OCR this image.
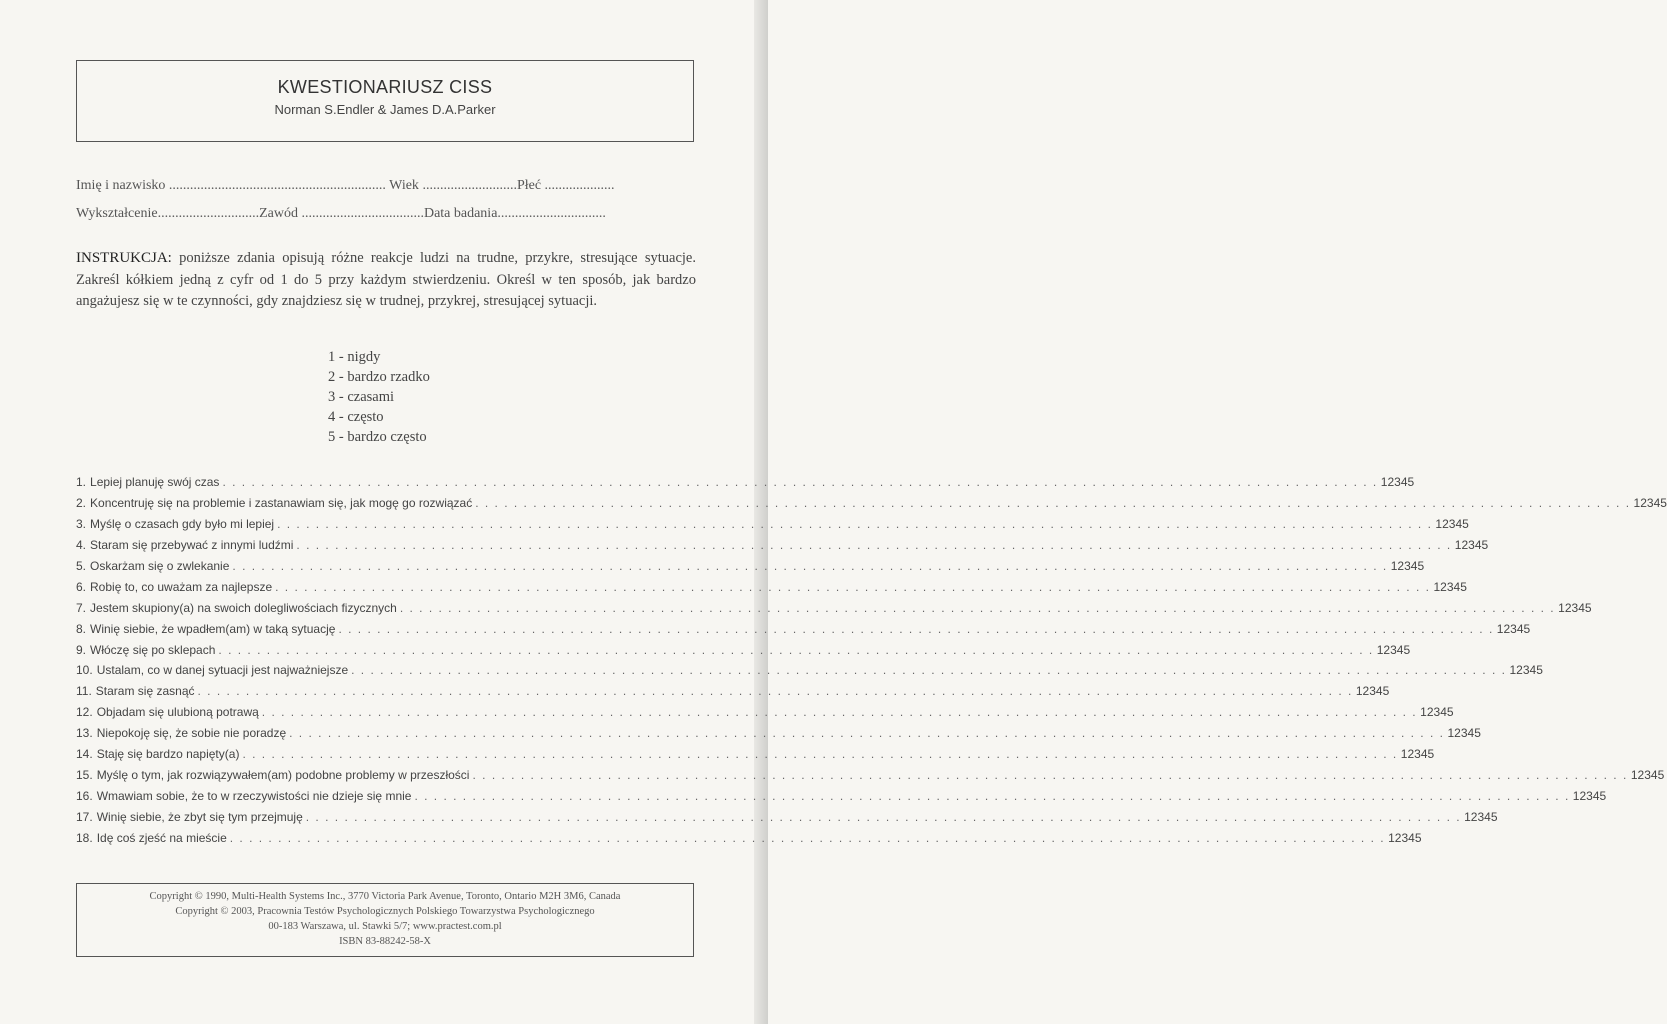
KWESTIONARIUSZ CISS
Norman S.Endler & James D.A.Parker
Imię i nazwisko .............................................................. Wiek ...........................Płeć ....................
Wykształcenie.............................Zawód ...................................Data badania...............................
INSTRUKCJA: poniższe zdania opisują różne reakcje ludzi na trudne, przykre, stresujące sytuacje. Zakreśl kółkiem jedną z cyfr od 1 do 5 przy każdym stwierdzeniu. Określ w ten sposób, jak bardzo angażujesz się w te czynności, gdy znajdziesz się w trudnej, przykrej, stresującej sytuacji.
1 - nigdy
2 - bardzo rzadko
3 - czasami
4 - często
5 - bardzo często
1. Lepiej planuję swój czas . . . . . . . . . . . . . . . . . . . . . . . . . . . . . . . . . . . . . . . . . . . . . . . . . . . . . . . . . . . . . . . . . . . . . . . . . . . . . . . . . . . . . . . . . . . . . . . . . . . . . . . . . . . . . . . . . . . . . . . . 1 2 3 4 5
2. Koncentruję się na problemie i zastanawiam się, jak mogę go rozwiązać . . . . . . . . . . . . . . . . . . . . . . . . . . . . . . . . . . . . . . . . . . . . . . . . . . . . . . . . . . . . . . . . . . . . . . . . . . . . . . . . . . . . . . . . . . . . . . . . . . . . . . . . . . . . . . . . . . . . . . . . 1 2 3 4 5
3. Myślę o czasach gdy było mi lepiej . . . . . . . . . . . . . . . . . . . . . . . . . . . . . . . . . . . . . . . . . . . . . . . . . . . . . . . . . . . . . . . . . . . . . . . . . . . . . . . . . . . . . . . . . . . . . . . . . . . . . . . . . . . . . . . . . . . . . . . . 1 2 3 4 5
4. Staram się przebywać z innymi ludźmi . . . . . . . . . . . . . . . . . . . . . . . . . . . . . . . . . . . . . . . . . . . . . . . . . . . . . . . . . . . . . . . . . . . . . . . . . . . . . . . . . . . . . . . . . . . . . . . . . . . . . . . . . . . . . . . . . . . . . . . . 1 2 3 4 5
5. Oskarżam się o zwlekanie . . . . . . . . . . . . . . . . . . . . . . . . . . . . . . . . . . . . . . . . . . . . . . . . . . . . . . . . . . . . . . . . . . . . . . . . . . . . . . . . . . . . . . . . . . . . . . . . . . . . . . . . . . . . . . . . . . . . . . . . 1 2 3 4 5
6. Robię to, co uważam za najlepsze . . . . . . . . . . . . . . . . . . . . . . . . . . . . . . . . . . . . . . . . . . . . . . . . . . . . . . . . . . . . . . . . . . . . . . . . . . . . . . . . . . . . . . . . . . . . . . . . . . . . . . . . . . . . . . . . . . . . . . . . 1 2 3 4 5
7. Jestem skupiony(a) na swoich dolegliwościach fizycznych . . . . . . . . . . . . . . . . . . . . . . . . . . . . . . . . . . . . . . . . . . . . . . . . . . . . . . . . . . . . . . . . . . . . . . . . . . . . . . . . . . . . . . . . . . . . . . . . . . . . . . . . . . . . . . . . . . . . . . . . 1 2 3 4 5
8. Winię siebie, że wpadłem(am) w taką sytuację . . . . . . . . . . . . . . . . . . . . . . . . . . . . . . . . . . . . . . . . . . . . . . . . . . . . . . . . . . . . . . . . . . . . . . . . . . . . . . . . . . . . . . . . . . . . . . . . . . . . . . . . . . . . . . . . . . . . . . . . 1 2 3 4 5
9. Włóczę się po sklepach . . . . . . . . . . . . . . . . . . . . . . . . . . . . . . . . . . . . . . . . . . . . . . . . . . . . . . . . . . . . . . . . . . . . . . . . . . . . . . . . . . . . . . . . . . . . . . . . . . . . . . . . . . . . . . . . . . . . . . . . 1 2 3 4 5
10. Ustalam, co w danej sytuacji jest najważniejsze . . . . . . . . . . . . . . . . . . . . . . . . . . . . . . . . . . . . . . . . . . . . . . . . . . . . . . . . . . . . . . . . . . . . . . . . . . . . . . . . . . . . . . . . . . . . . . . . . . . . . . . . . . . . . . . . . . . . . . . . 1 2 3 4 5
11. Staram się zasnąć . . . . . . . . . . . . . . . . . . . . . . . . . . . . . . . . . . . . . . . . . . . . . . . . . . . . . . . . . . . . . . . . . . . . . . . . . . . . . . . . . . . . . . . . . . . . . . . . . . . . . . . . . . . . . . . . . . . . . . . . 1 2 3 4 5
12. Objadam się ulubioną potrawą . . . . . . . . . . . . . . . . . . . . . . . . . . . . . . . . . . . . . . . . . . . . . . . . . . . . . . . . . . . . . . . . . . . . . . . . . . . . . . . . . . . . . . . . . . . . . . . . . . . . . . . . . . . . . . . . . . . . . . . . 1 2 3 4 5
13. Niepokoję się, że sobie nie poradzę . . . . . . . . . . . . . . . . . . . . . . . . . . . . . . . . . . . . . . . . . . . . . . . . . . . . . . . . . . . . . . . . . . . . . . . . . . . . . . . . . . . . . . . . . . . . . . . . . . . . . . . . . . . . . . . . . . . . . . . . 1 2 3 4 5
14. Staję się bardzo napięty(a) . . . . . . . . . . . . . . . . . . . . . . . . . . . . . . . . . . . . . . . . . . . . . . . . . . . . . . . . . . . . . . . . . . . . . . . . . . . . . . . . . . . . . . . . . . . . . . . . . . . . . . . . . . . . . . . . . . . . . . . . 1 2 3 4 5
15. Myślę o tym, jak rozwiązywałem(am) podobne problemy w przeszłości . . . . . . . . . . . . . . . . . . . . . . . . . . . . . . . . . . . . . . . . . . . . . . . . . . . . . . . . . . . . . . . . . . . . . . . . . . . . . . . . . . . . . . . . . . . . . . . . . . . . . . . . . . . . . . . . . . . . . . . . 1 2 3 4 5
16. Wmawiam sobie, że to w rzeczywistości nie dzieje się mnie . . . . . . . . . . . . . . . . . . . . . . . . . . . . . . . . . . . . . . . . . . . . . . . . . . . . . . . . . . . . . . . . . . . . . . . . . . . . . . . . . . . . . . . . . . . . . . . . . . . . . . . . . . . . . . . . . . . . . . . . 1 2 3 4 5
17. Winię siebie, że zbyt się tym przejmuję . . . . . . . . . . . . . . . . . . . . . . . . . . . . . . . . . . . . . . . . . . . . . . . . . . . . . . . . . . . . . . . . . . . . . . . . . . . . . . . . . . . . . . . . . . . . . . . . . . . . . . . . . . . . . . . . . . . . . . . . 1 2 3 4 5
18. Idę coś zjeść na mieście . . . . . . . . . . . . . . . . . . . . . . . . . . . . . . . . . . . . . . . . . . . . . . . . . . . . . . . . . . . . . . . . . . . . . . . . . . . . . . . . . . . . . . . . . . . . . . . . . . . . . . . . . . . . . . . . . . . . . . . . 1 2 3 4 5
Copyright © 1990, Multi-Health Systems Inc., 3770 Victoria Park Avenue, Toronto, Ontario M2H 3M6, Canada
Copyright © 2003, Pracownia Testów Psychologicznych Polskiego Towarzystwa Psychologicznego
00-183 Warszawa, ul. Stawki 5/7; www.practest.com.pl
ISBN 83-88242-58-X
